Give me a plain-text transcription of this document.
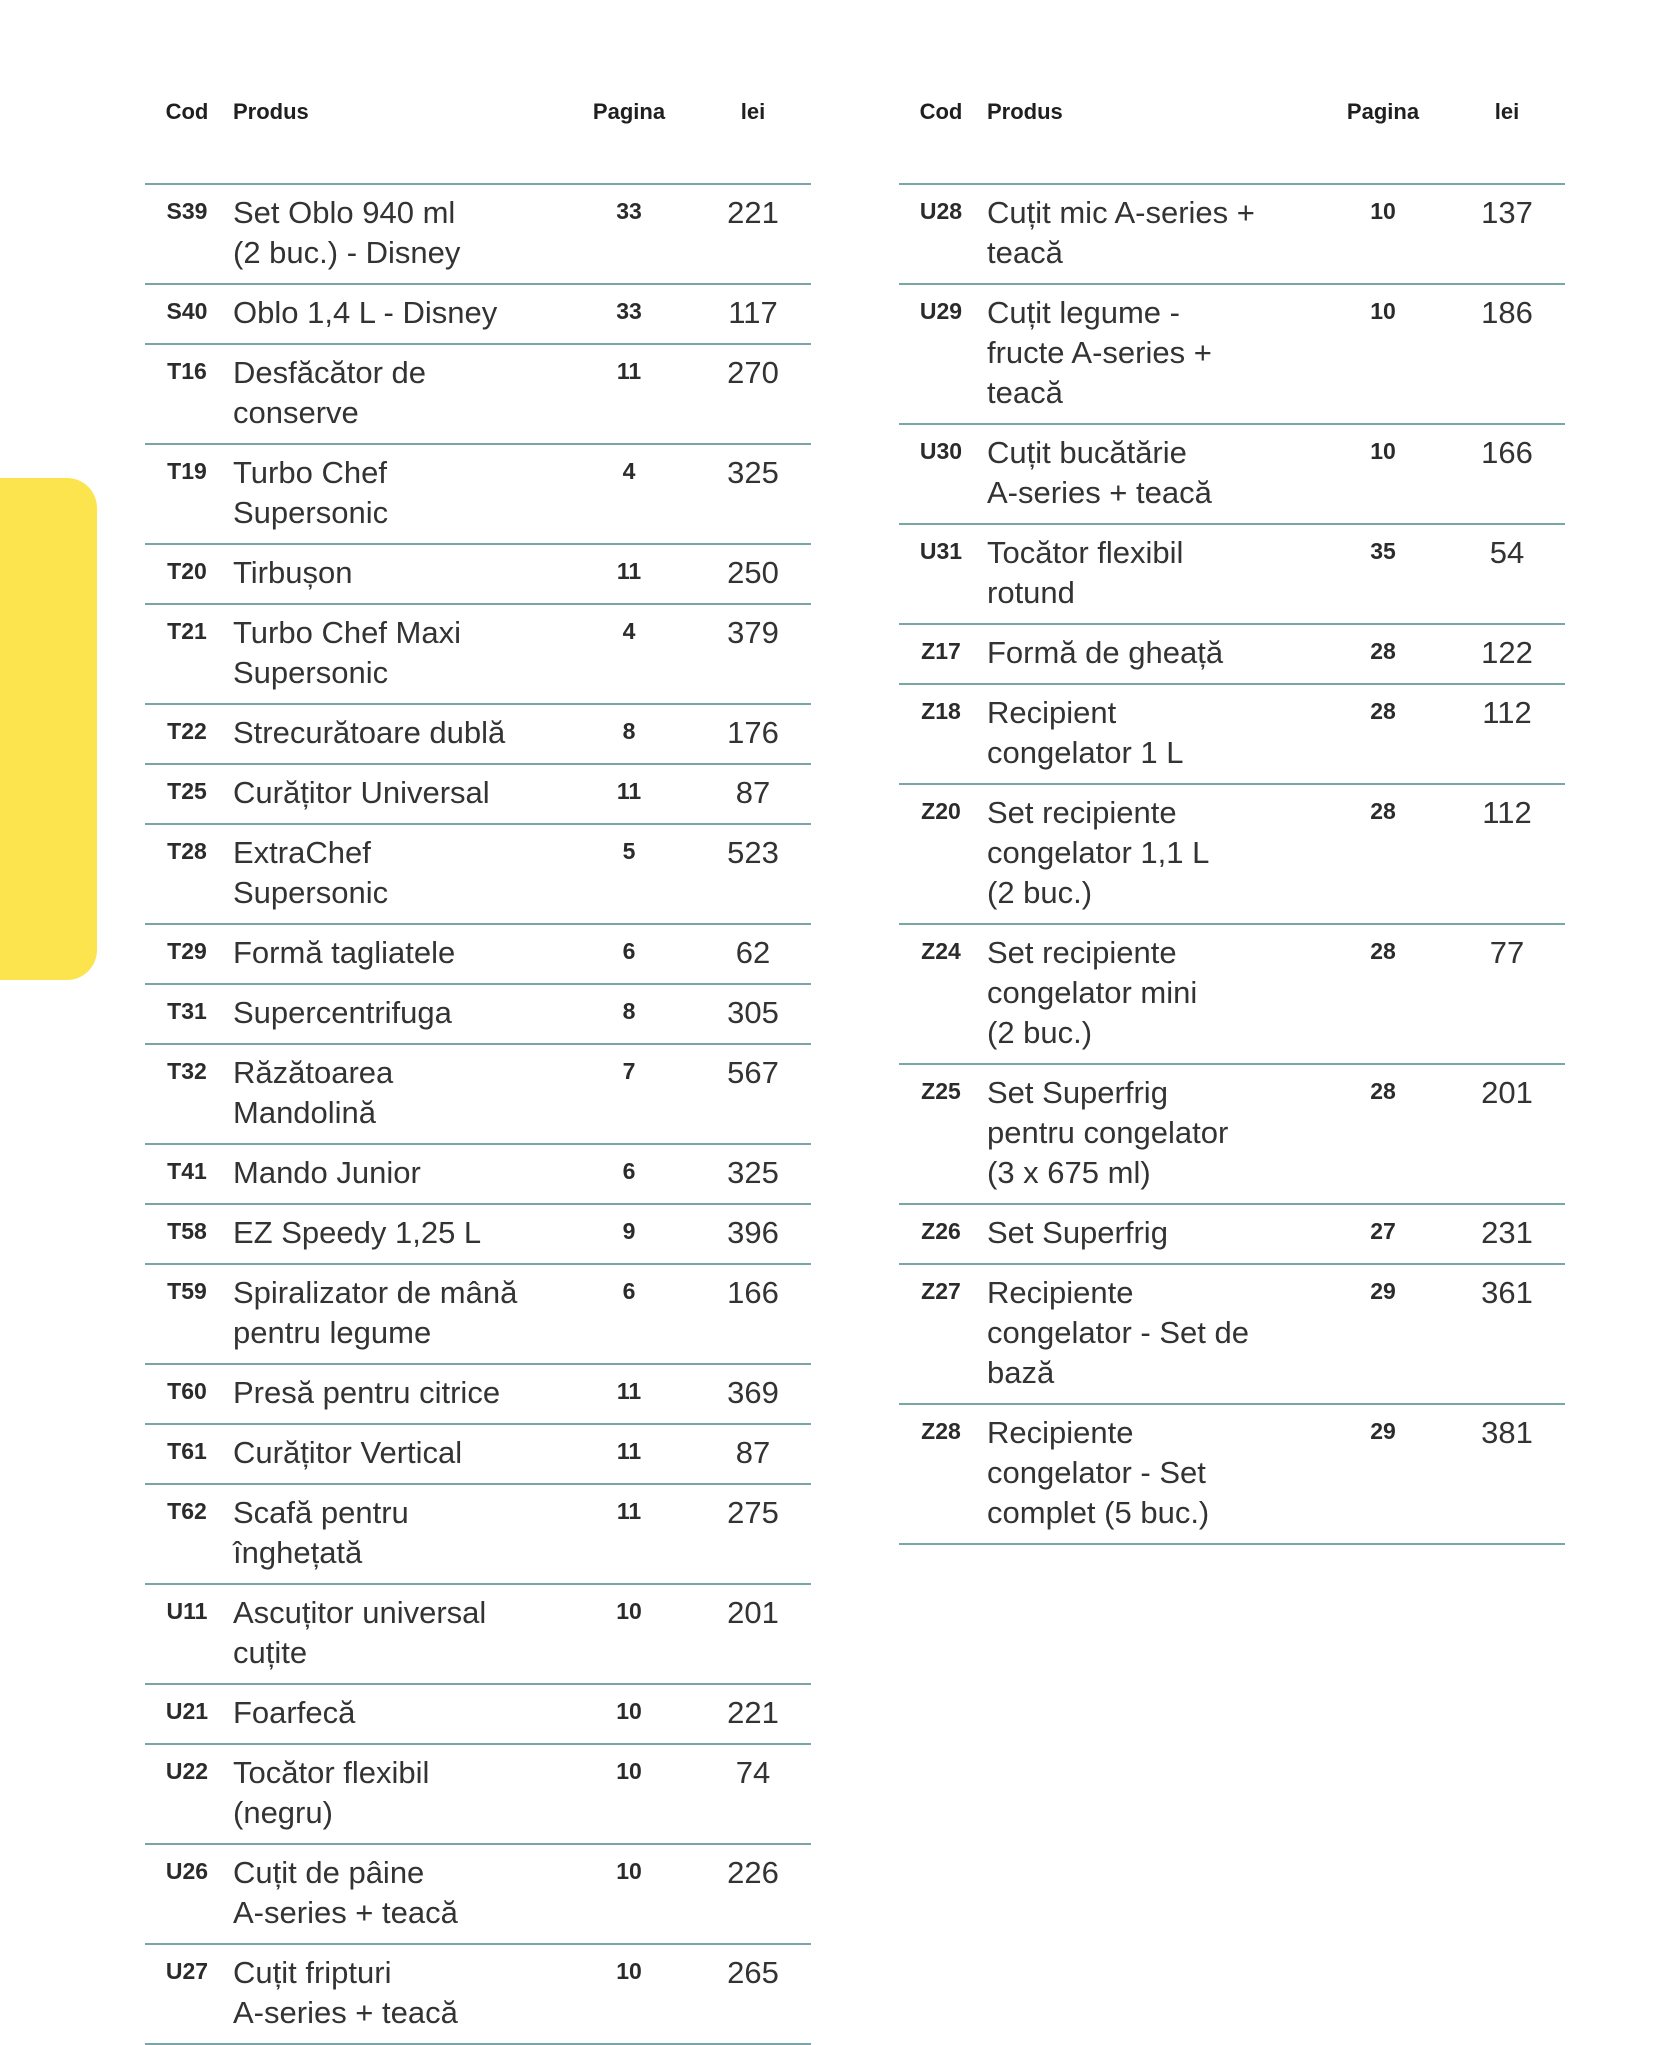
56|CUPRINS
Cod	Produs	Pagina	lei
S39	Set Oblo 940 ml
(2 buc.) - Disney	33	221
S40	Oblo 1,4 L - Disney	33	117
T16	Desfăcător de
conserve	11	270
T19	Turbo Chef
Supersonic	4	325
T20	Tirbușon	11	250
T21	Turbo Chef Maxi
Supersonic	4	379
T22	Strecurătoare dublă	8	176
T25	Curățitor Universal	11	87
T28	ExtraChef
Supersonic	5	523
T29	Formă tagliatele	6	62
T31	Supercentrifuga	8	305
T32	Răzătoarea
Mandolină	7	567
T41	Mando Junior	6	325
T58	EZ Speedy 1,25 L	9	396
T59	Spiralizator de mână
pentru legume	6	166
T60	Presă pentru citrice	11	369
T61	Curățitor Vertical	11	87
T62	Scafă pentru
înghețată	11	275
U11	Ascuțitor universal
cuțite	10	201
U21	Foarfecă	10	221
U22	Tocător flexibil
(negru)	10	74
U26	Cuțit de pâine
A-series + teacă	10	226
U27	Cuțit fripturi
A-series + teacă	10	265
Cod	Produs	Pagina	lei
U28	Cuțit mic A-series +
teacă	10	137
U29	Cuțit legume -
fructe A-series +
teacă	10	186
U30	Cuțit bucătărie
A-series + teacă	10	166
U31	Tocător flexibil
rotund	35	54
Z17	Formă de gheață	28	122
Z18	Recipient
congelator 1 L	28	112
Z20	Set recipiente
congelator 1,1 L
(2 buc.)	28	112
Z24	Set recipiente
congelator mini
(2 buc.)	28	77
Z25	Set Superfrig
pentru congelator
(3 x 675 ml)	28	201
Z26	Set Superfrig	27	231
Z27	Recipiente
congelator - Set de
bază	29	361
Z28	Recipiente
congelator - Set
complet (5 buc.)	29	381
